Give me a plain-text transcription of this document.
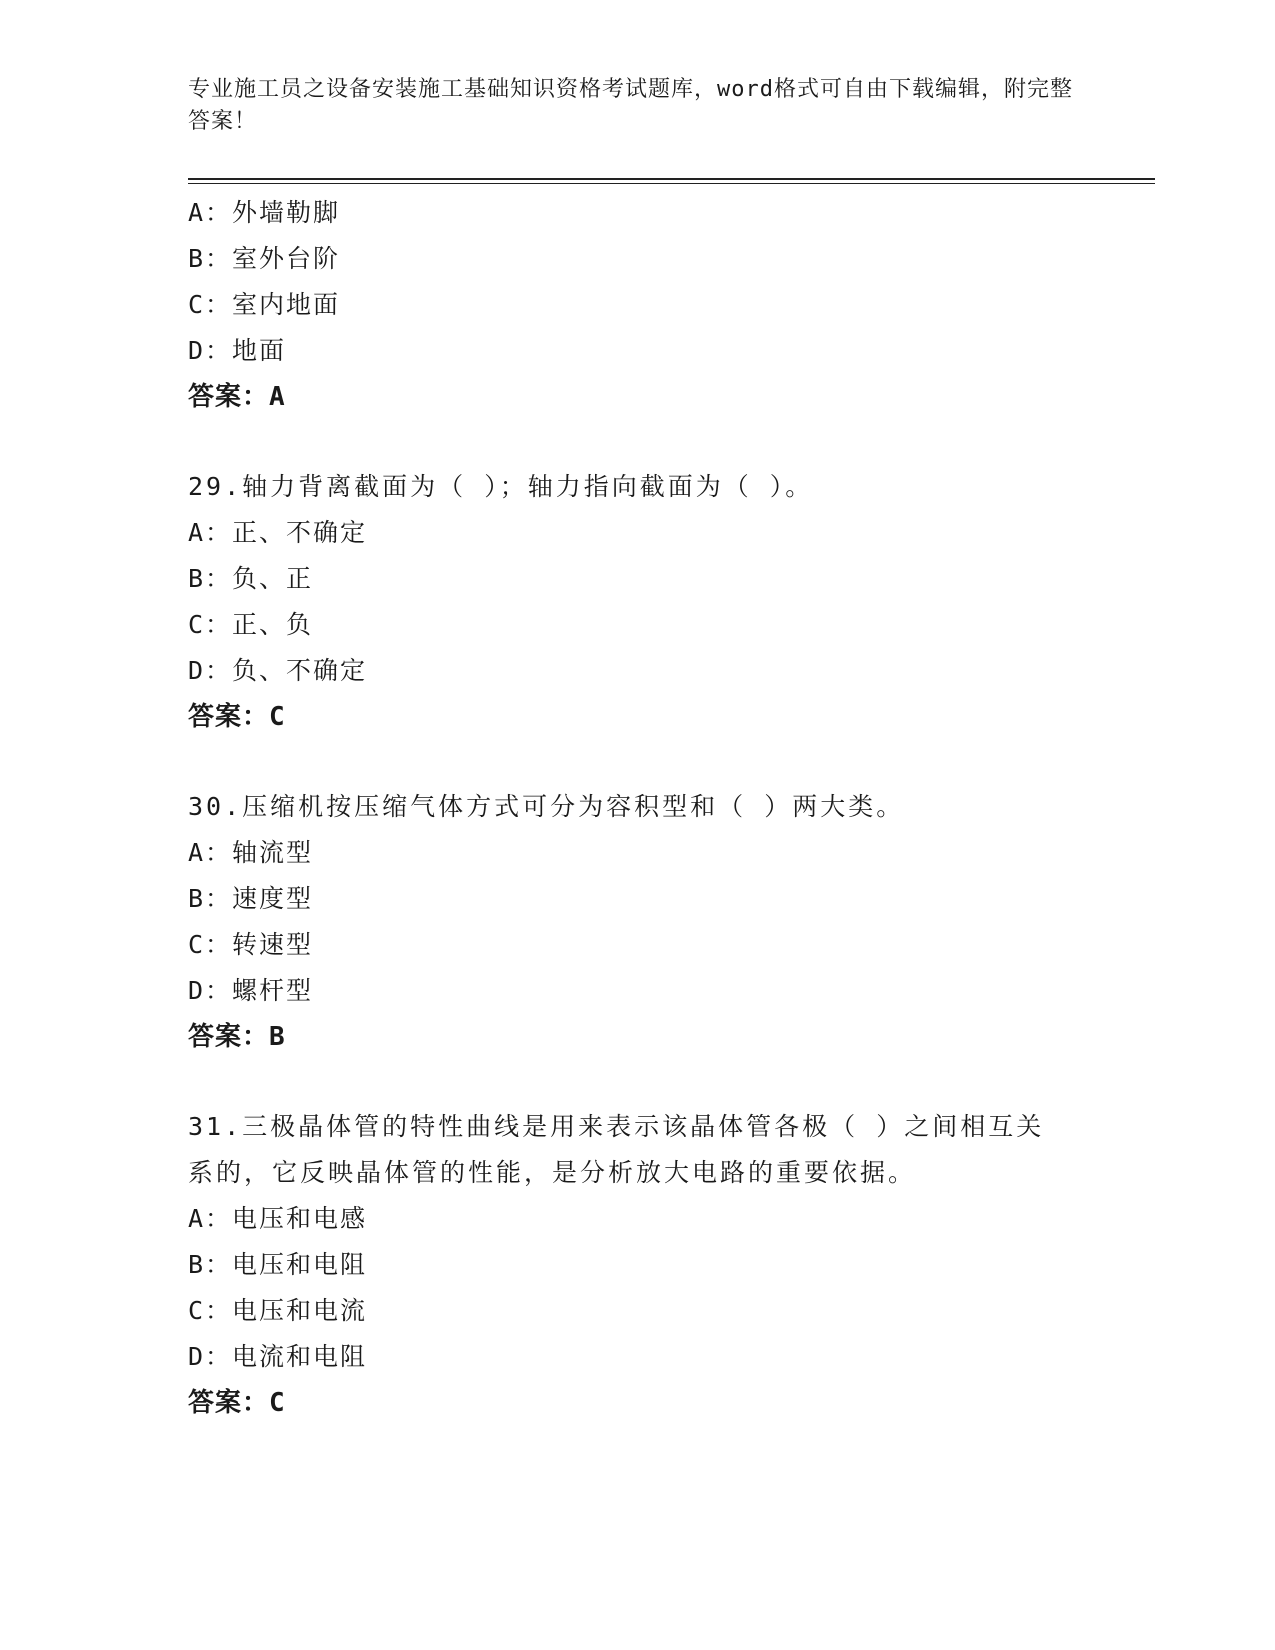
专业施工员之设备安装施工基础知识资格考试题库，word格式可自由下载编辑，附完整答案！
A：外墙勒脚
B：室外台阶
C：室内地面
D：地面
答案：A
29.轴力背离截面为（ ）；轴力指向截面为（ ）。
A：正、不确定
B：负、正
C：正、负
D：负、不确定
答案：C
30.压缩机按压缩气体方式可分为容积型和（ ）两大类。
A：轴流型
B：速度型
C：转速型
D：螺杆型
答案：B
31.三极晶体管的特性曲线是用来表示该晶体管各极（ ）之间相互关系的，它反映晶体管的性能，是分析放大电路的重要依据。
A：电压和电感
B：电压和电阻
C：电压和电流
D：电流和电阻
答案：C
